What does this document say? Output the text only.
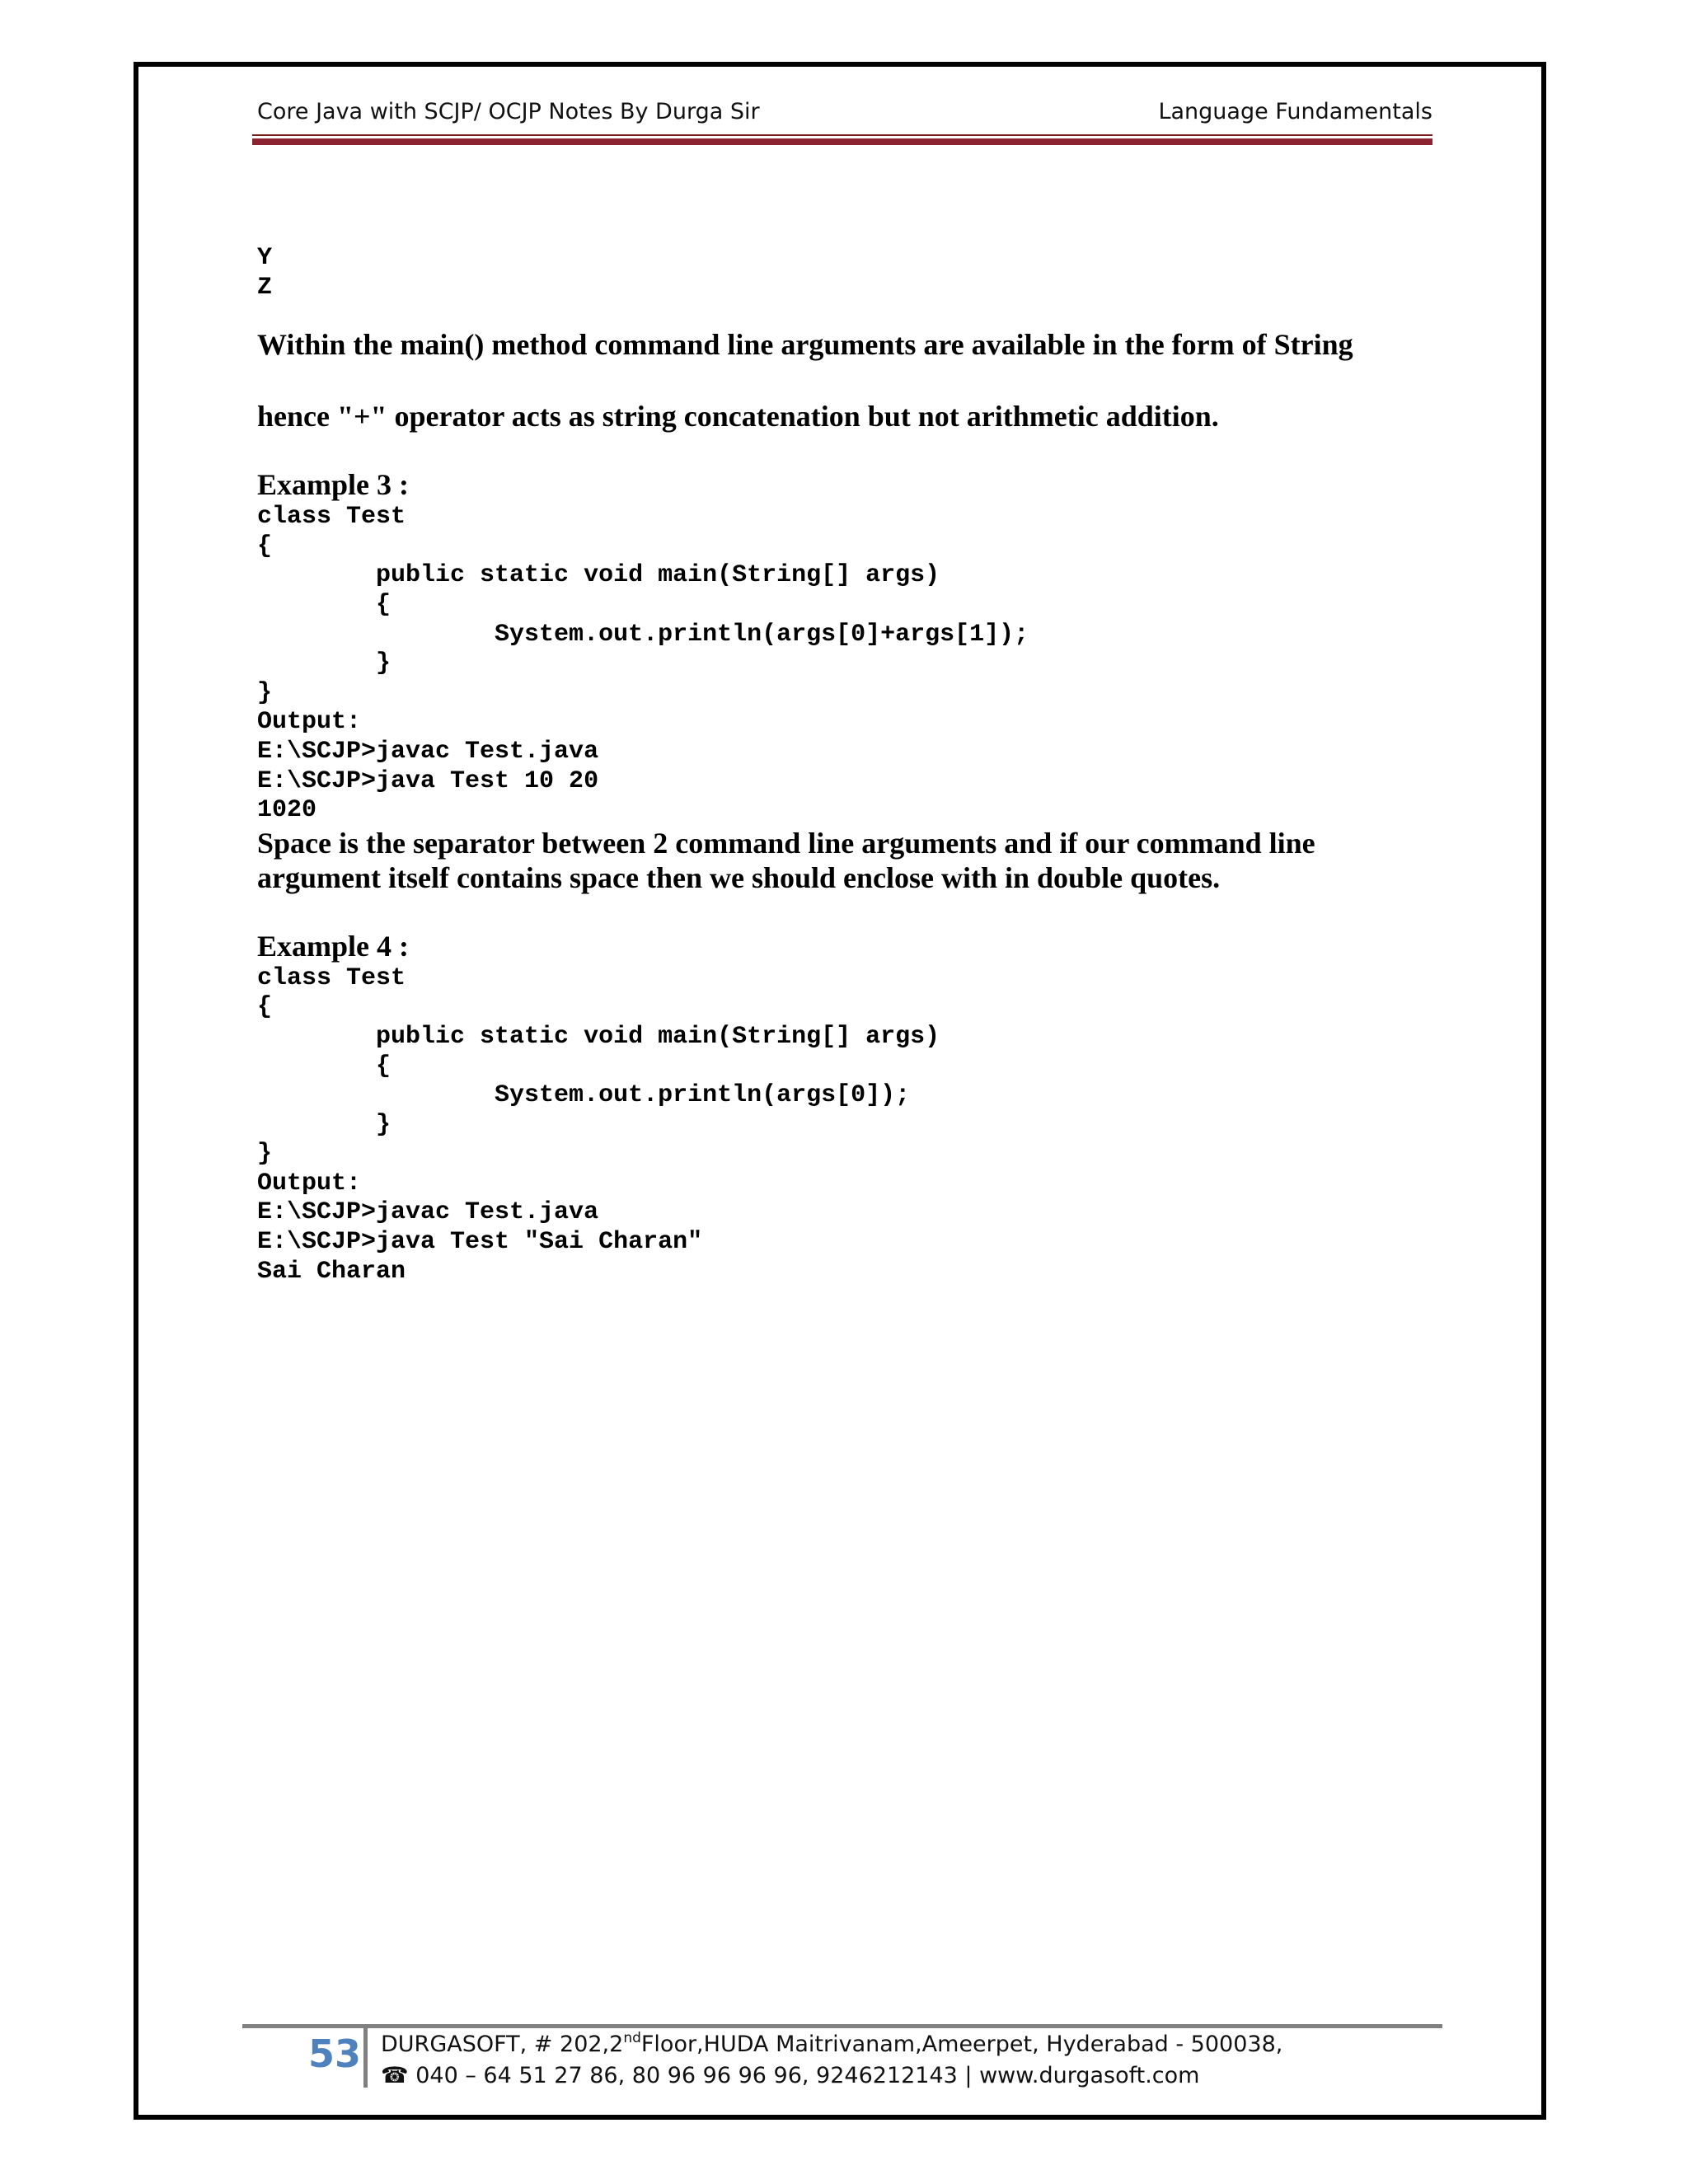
Core Java with SCJP/ OCJP Notes By Durga Sir	Language Fundamentals
Y
Z

Within the main() method command line arguments are available in the form of String

hence "+" operator acts as string concatenation but not arithmetic addition.

Example 3 :

class Test
{
public static void main(String[] args)
{
System.out.println(args[0]+args[1]);
}
}
Output:
E:\SCJP>javac Test.java
E:\SCJP>java Test 10 20
1020

Space is the separator between 2 command line arguments and if our command line argument itself contains space then we should enclose with in double quotes.

Example 4 :

class Test
{
public static void main(String[] args)
{
System.out.println(args[0]);
}
}
Output:
E:\SCJP>javac Test.java
E:\SCJP>java Test "Sai Charan"
Sai Charan
53 DURGASOFT, # 202,2ndFloor,HUDA Maitrivanam,Ameerpet, Hyderabad - 500038,
☎ 040 – 64 51 27 86, 80 96 96 96 96, 9246212143 | www.durgasoft.com
